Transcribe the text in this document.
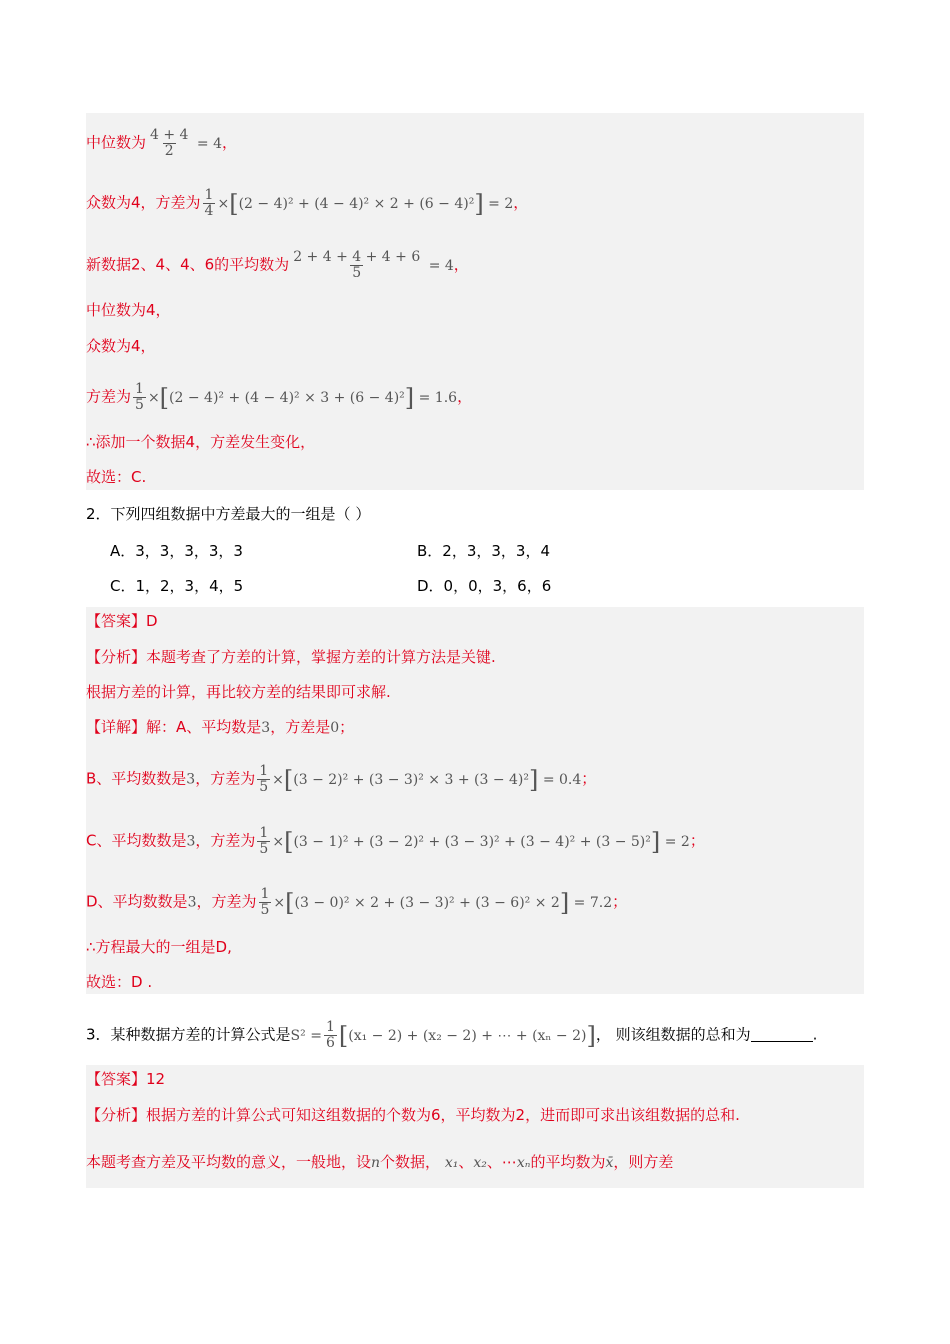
中位数为 $\frac{4 + 4}{2} = 4$，
众数为4，方差为 $\frac{1}{4} \times[(2 - 4)^2 + (4 - 4)^2 \times 2 + (6 - 4)^2] = 2$，
新数据2、4、4、6的平均数为 $\frac{2 + 4 + 4 + 4 + 6}{5} = 4$，
中位数为4，
众数为4，
方差为 $\frac{1}{5} \times[(2 - 4)^2 + (4 - 4)^2 \times 3 + (6 - 4)^2] = 1.6$，
∴添加一个数据4，方差发生变化，
故选：C.
2．下列四组数据中方差最大的一组是（ ）
A．3，3，3，3，3	B．2，3，3，3，4
C．1，2，3，4，5	D．0，0，3，6，6
【答案】D
【分析】本题考查了方差的计算，掌握方差的计算方法是关键.
根据方差的计算，再比较方差的结果即可求解.
【详解】解：A、平均数是3，方差是0；
B、平均数数是3，方差为 $\frac{1}{5} \times[(3 - 2)^2 + (3 - 3)^2 \times 3 + (3 - 4)^2] = 0.4$；
C、平均数数是3，方差为 $\frac{1}{5} \times[(3 - 1)^2 + (3 - 2)^2 + (3 - 3)^2 + (3 - 4)^2 + (3 - 5)^2] = 2$；
D、平均数数是3，方差为 $\frac{1}{5} \times[(3 - 0)^2 \times 2 + (3 - 3)^2 + (3 - 6)^2 \times 2] = 7.2$；
∴方程最大的一组是D,
故选：D .
3．某种数据方差的计算公式是$S^2 = \frac{1}{6} [(x_1 - 2) + (x_2 - 2)$ + ⋯ + (xₙ − 2)]， 则该组数据的总和为	.
【答案】12
【分析】根据方差的计算公式可知这组数据的个数为6，平均数为2，进而即可求出该组数据的总和.
本题考查方差及平均数的意义，一般地，设n个数据， x₁、x₂、⋯xₙ的平均数为x̄，则方差
